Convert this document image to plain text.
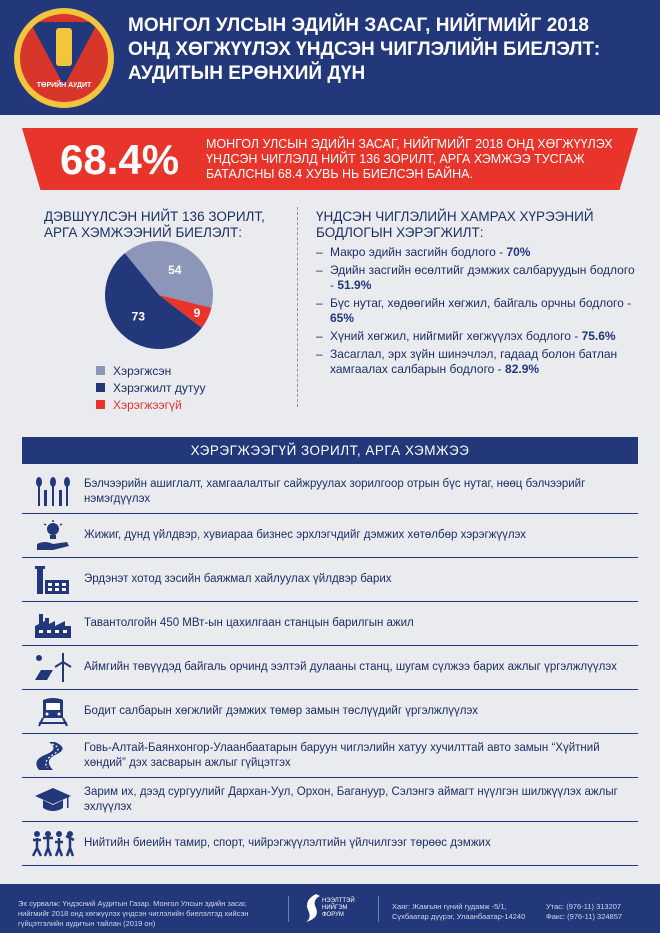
ТӨРИЙН АУДИТ
МОНГОЛ УЛСЫН ЭДИЙН ЗАСАГ, НИЙГМИЙГ 2018
ОНД ХӨГЖҮҮЛЭХ ҮНДСЭН ЧИГЛЭЛИЙН БИЕЛЭЛТ:
АУДИТЫН ЕРӨНХИЙ ДҮН
68.4% МОНГОЛ УЛСЫН ЭДИЙН ЗАСАГ, НИЙГМИЙГ 2018 ОНД ХӨГЖҮҮЛЭХ ҮНДСЭН ЧИГЛЭЛД НИЙТ 136 ЗОРИЛТ, АРГА ХЭМЖЭЭ ТУСГАЖ БАТАЛСНЫ 68.4 ХУВЬ НЬ БИЕЛСЭН БАЙНА.
ДЭВШҮҮЛСЭН НИЙТ 136 ЗОРИЛТ, АРГА ХЭМЖЭЭНИЙ БИЕЛЭЛТ:
54
9
73
Хэрэгжсэн
Хэрэгжилт дутуу
Хэрэгжээгүй
ҮНДСЭН ЧИГЛЭЛИЙН ХАМРАХ ХҮРЭЭНИЙ БОДЛОГЫН ХЭРЭГЖИЛТ:
– Макро эдийн засгийн бодлого - 70%
– Эдийн засгийн өсөлтийг дэмжих салбаруудын бодлого - 51.9%
– Бүс нутаг, хөдөөгийн хөгжил, байгаль орчны бодлого - 65%
– Хүний хөгжил, нийгмийг хөгжүүлэх бодлого - 75.6%
– Засаглал, эрх зүйн шинэчлэл, гадаад болон батлан хамгаалах салбарын бодлого - 82.9%
ХЭРЭГЖЭЭГҮЙ ЗОРИЛТ, АРГА ХЭМЖЭЭ
Бэлчээрийн ашиглалт, хамгаалалтыг сайжруулах зорилгоор отрын бүс нутаг, нөөц бэлчээрийг нэмэгдүүлэх
Жижиг, дунд үйлдвэр, хувиараа бизнес эрхлэгчдийг дэмжих хөтөлбөр хэрэгжүүлэх
Эрдэнэт хотод зэсийн баяжмал хайлуулах үйлдвэр барих
Тавантолгойн 450 МВт-ын цахилгаан станцын барилгын ажил
Аймгийн төвүүдэд байгаль орчинд ээлтэй дулааны станц, шугам сүлжээ барих ажлыг үргэлжлүүлэх
Бодит салбарын хөгжлийг дэмжих төмөр замын төслүүдийг үргэлжлүүлэх
Говь-Алтай-Баянхонгор-Улаанбаатарын баруун чиглэлийн хатуу хучилттай авто замын “Хүйтний хөндий” дэх засварын ажлыг гүйцэтгэх
Зарим их, дээд сургуулийг Дархан-Уул, Орхон, Багануур, Сэлэнгэ аймагт нүүлгэн шилжүүлэх ажлыг эхлүүлэх
Нийтийн биеийн тамир, спорт, чийрэгжүүлэлтийн үйлчилгээг төрөөс дэмжих
Эх сурвалж: Үндэсний Аудитын Газар. Монгол Улсын эдийн засаг, нийгмийг 2018 онд хөгжүүлэх үндсэн чиглэлийн биелэлтэд хийсэн гүйцэтгэлийн аудитын тайлан (2019 он)
НЭЭЛТТЭЙ НИЙГЭМ ФОРУМ
Хаяг: Жамъян гүний гудамж -5/1, Сүхбаатар дүүрэг, Улаанбаатар-14240
Утас: (976-11) 313207
Факс: (976-11) 324857
